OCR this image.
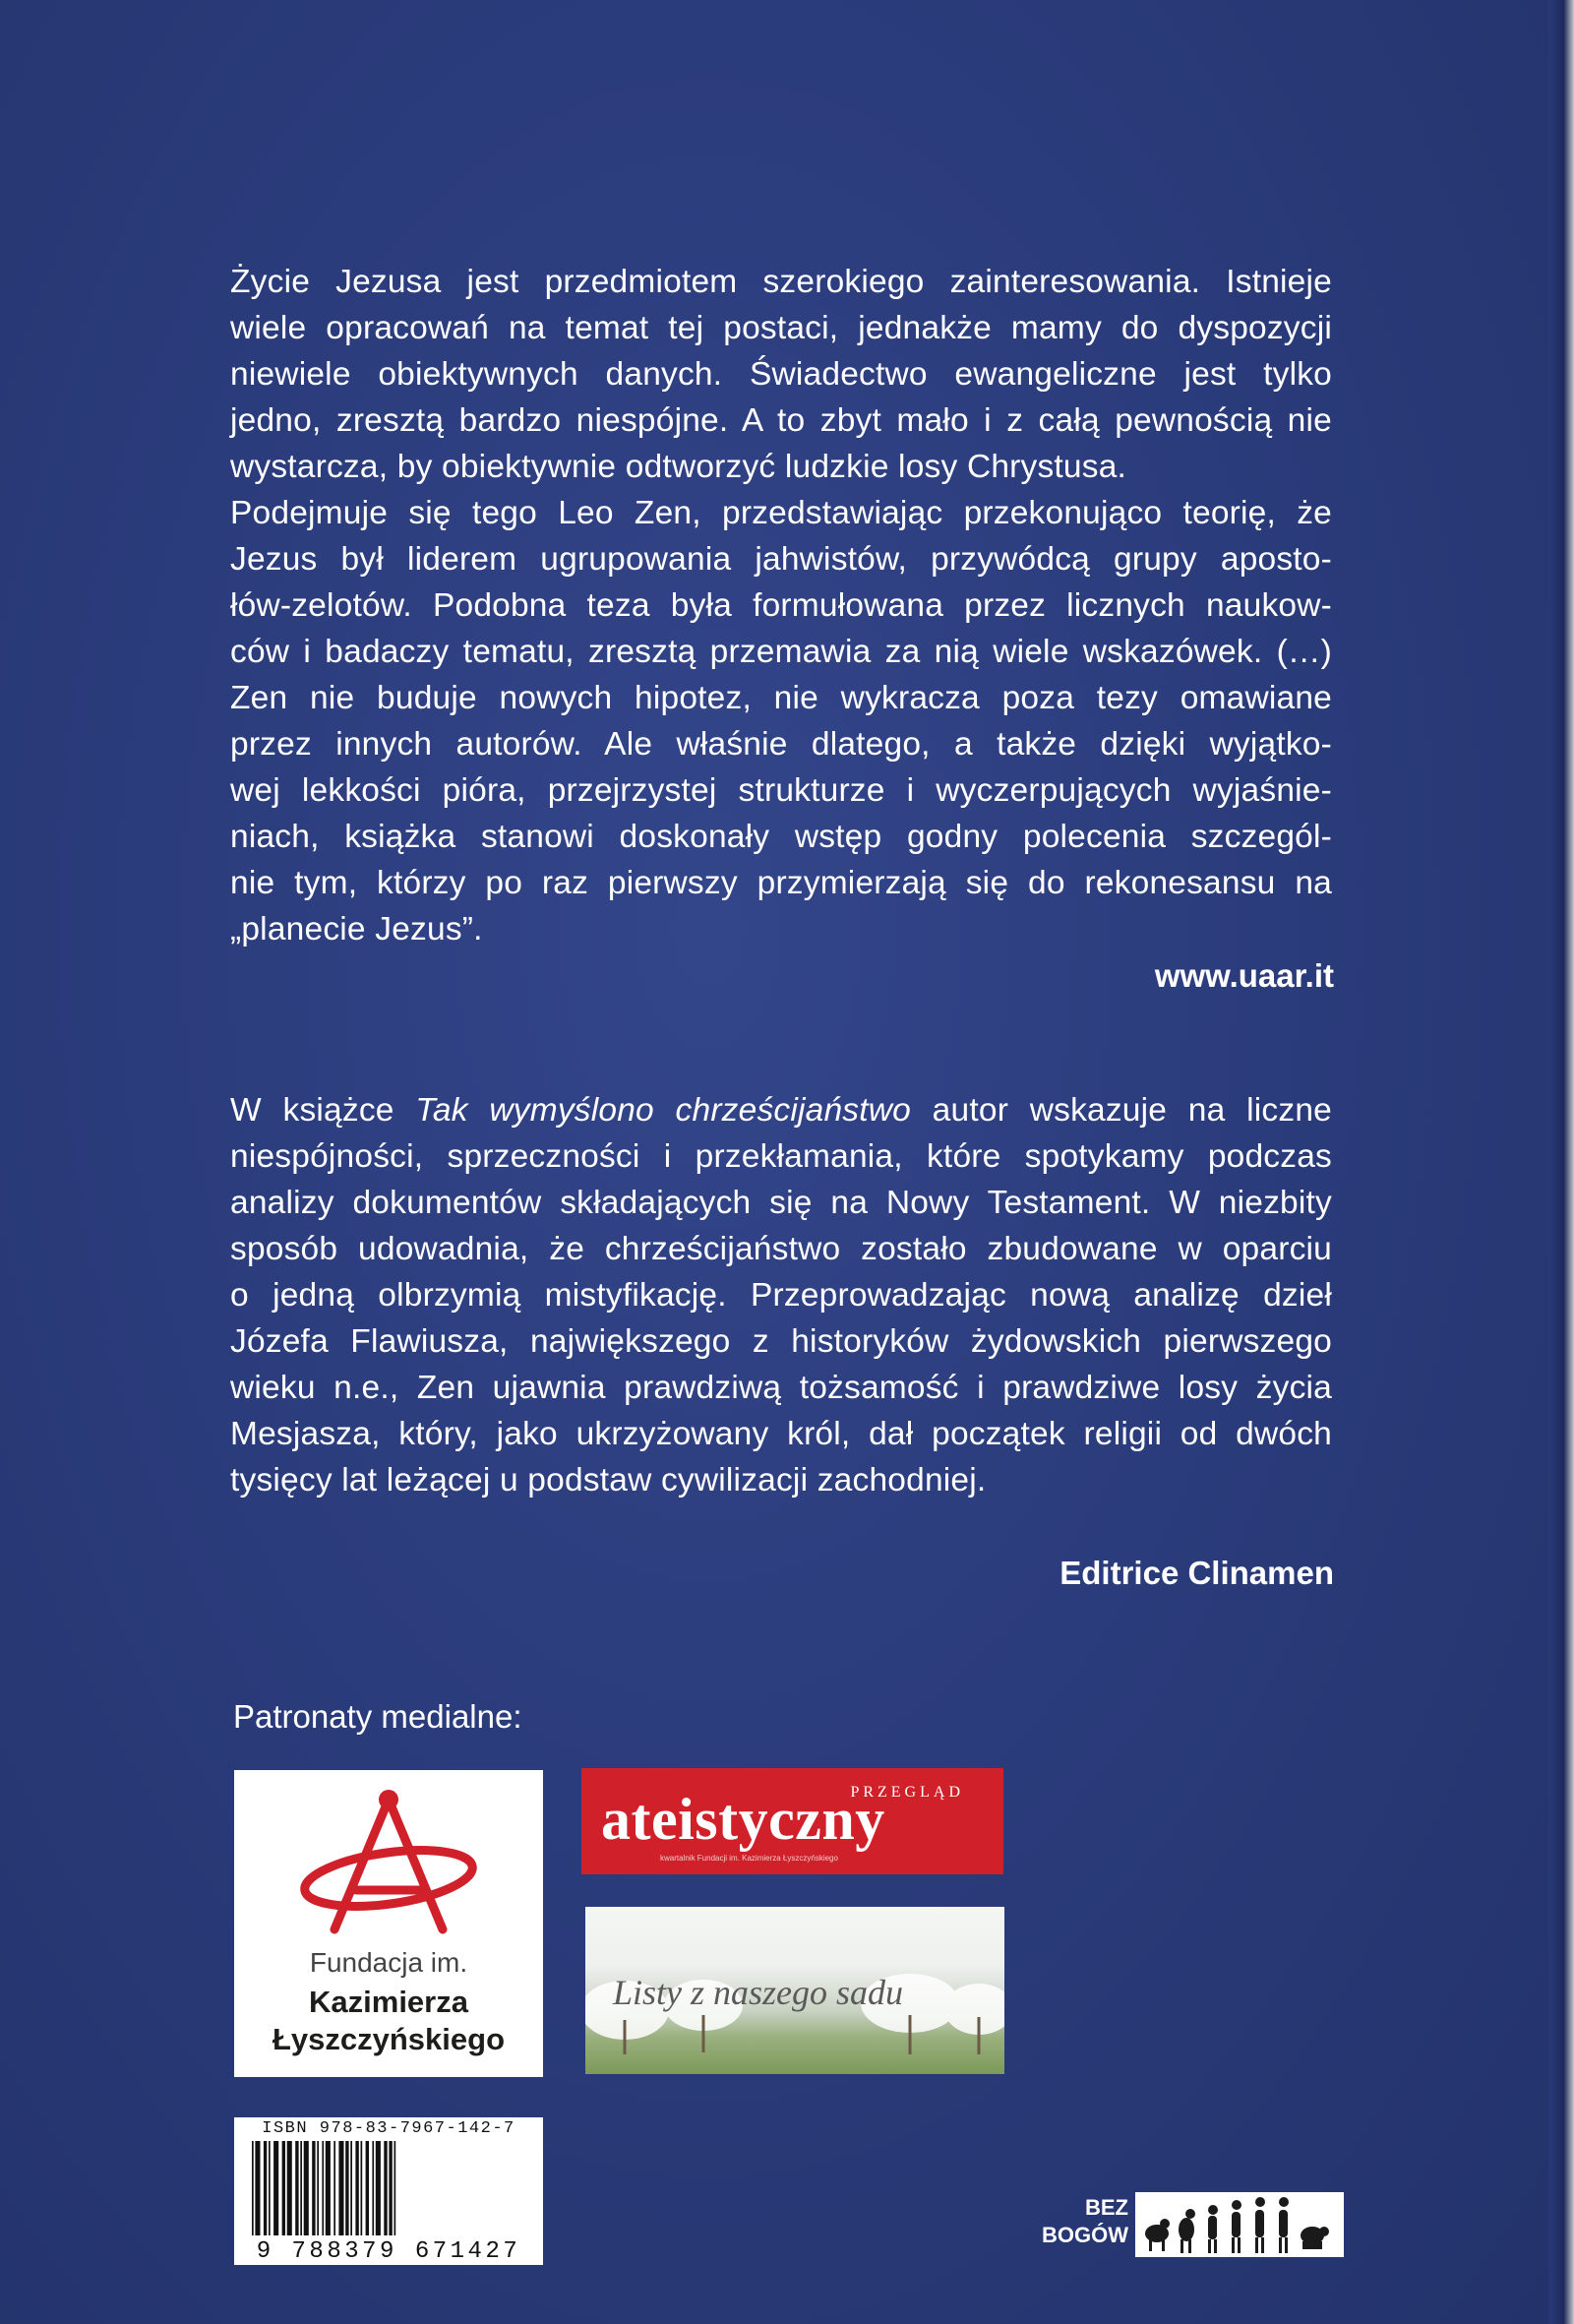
Życie Jezusa jest przedmiotem szerokiego zainteresowania. Istnieje
wiele opracowań na temat tej postaci, jednakże mamy do dyspozycji
niewiele obiektywnych danych. Świadectwo ewangeliczne jest tylko
jedno, zresztą bardzo niespójne. A to zbyt mało i z całą pewnością nie
wystarcza, by obiektywnie odtworzyć ludzkie losy Chrystusa.
Podejmuje się tego Leo Zen, przedstawiając przekonująco teorię, że
Jezus był liderem ugrupowania jahwistów, przywódcą grupy aposto-
łów-zelotów. Podobna teza była formułowana przez licznych naukow-
ców i badaczy tematu, zresztą przemawia za nią wiele wskazówek. (…)
Zen nie buduje nowych hipotez, nie wykracza poza tezy omawiane
przez innych autorów. Ale właśnie dlatego, a także dzięki wyjątko-
wej lekkości pióra, przejrzystej strukturze i wyczerpujących wyjaśnie-
niach, książka stanowi doskonały wstęp godny polecenia szczegól-
nie tym, którzy po raz pierwszy przymierzają się do rekonesansu na
„planecie Jezus”.

www.uaar.it

W książce Tak wymyślono chrześcijaństwo autor wskazuje na liczne
niespójności, sprzeczności i przekłamania, które spotykamy podczas
analizy dokumentów składających się na Nowy Testament. W niezbity
sposób udowadnia, że chrześcijaństwo zostało zbudowane w oparciu
o jedną olbrzymią mistyfikację. Przeprowadzając nową analizę dzieł
Józefa Flawiusza, największego z historyków żydowskich pierwszego
wieku n.e., Zen ujawnia prawdziwą tożsamość i prawdziwe losy życia
Mesjasza, który, jako ukrzyżowany król, dał początek religii od dwóch
tysięcy lat leżącej u podstaw cywilizacji zachodniej.

Editrice Clinamen

Patronaty medialne:

Fundacja im.
Kazimierza
Łyszczyńskiego
PRZEGLĄD
ateistyczny
kwartalnik Fundacji im. Kazimierza Łyszczyńskiego
Listy z naszego sadu
ISBN 978-83-7967-142-7
9 788379 671427
BEZ
BOGÓW
